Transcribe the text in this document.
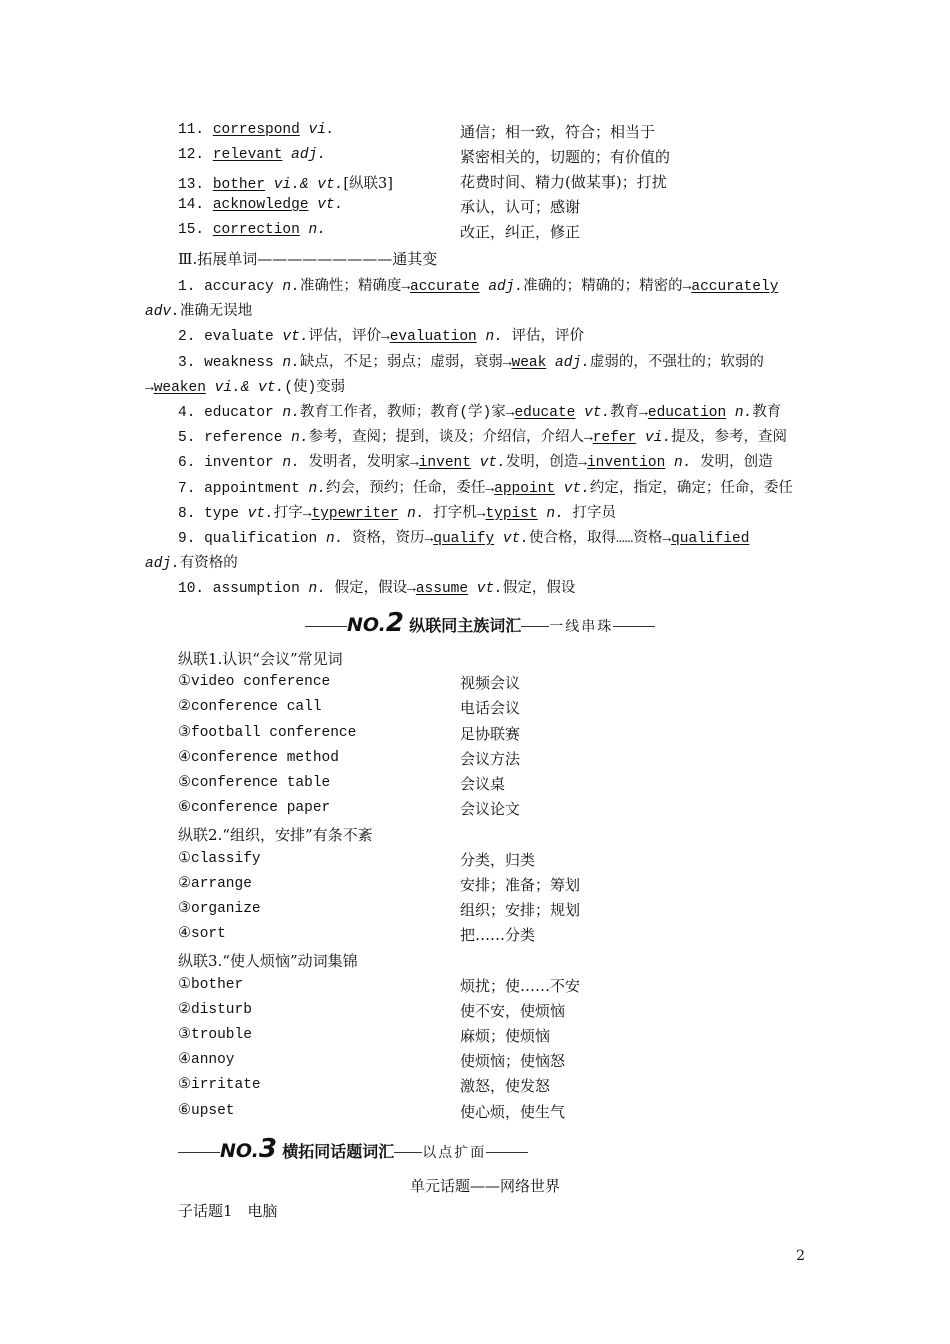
11. correspond vi.	通信；相一致，符合；相当于
12. relevant adj.	紧密相关的，切题的；有价值的
13. bother vi.& vt.[纵联3]	花费时间、精力(做某事)；打扰
14. acknowledge vt.	承认，认可；感谢
15. correction n.	改正，纠正，修正
Ⅲ.拓展单词—————————通其变
1. accuracy n.准确性；精确度→accurate adj.准确的；精确的；精密的→accurately
adv.准确无误地
2. evaluate vt.评估，评价→evaluation n. 评估，评价
3. weakness n.缺点，不足；弱点；虚弱，衰弱→weak adj.虚弱的，不强壮的；软弱的
→weaken vi.& vt.(使)变弱
4. educator n.教育工作者，教师；教育(学)家→educate vt.教育→education n.教育
5. reference n.参考，查阅；提到，谈及；介绍信，介绍人→refer vi.提及，参考，查阅
6. inventor n. 发明者，发明家→invent vt.发明，创造→invention n. 发明，创造
7. appointment n.约会，预约；任命，委任→appoint vt.约定，指定，确定；任命，委任
8. type vt.打字→typewriter n. 打字机→typist n. 打字员
9. qualification n. 资格，资历→qualify vt.使合格，取得……资格→qualified
adj.有资格的
10. assumption n. 假定，假设→assume vt.假定，假设
NO.2 纵联同主族词汇 一线串珠
纵联1.认识“会议”常见词
①video conference	视频会议
②conference call	电话会议
③football conference	足协联赛
④conference method	会议方法
⑤conference table	会议桌
⑥conference paper	会议论文
纵联2.“组织，安排”有条不紊
①classify	分类，归类
②arrange	安排；准备；筹划
③organize	组织；安排；规划
④sort	把……分类
纵联3.“使人烦恼”动词集锦
①bother	烦扰；使……不安
②disturb	使不安，使烦恼
③trouble	麻烦；使烦恼
④annoy	使烦恼；使恼怒
⑤irritate	激怒，使发怒
⑥upset	使心烦，使生气
NO.3 横拓同话题词汇 以点扩面
单元话题——网络世界
子话题1　电脑
2
